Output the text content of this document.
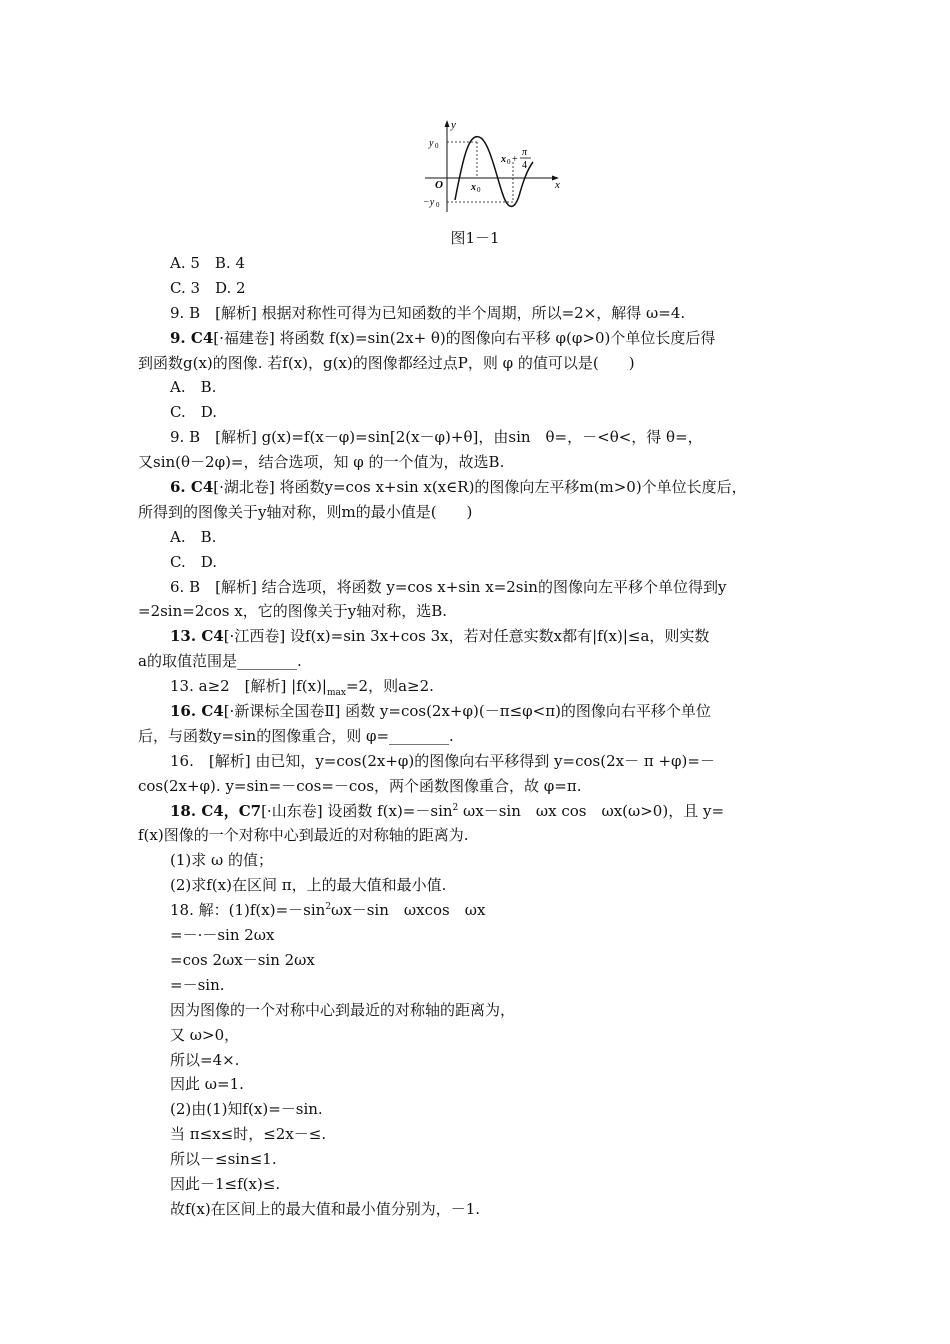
y
x
O
y 0
−y 0
x 0
x 0 +
π
4
图1－1
A. 5　B. 4
C. 3　D. 2
9. B　[解析] 根据对称性可得为已知函数的半个周期，所以=2×，解得 ω=4.
9. C4[·福建卷] 将函数 f(x)=sin(2x+ θ)的图像向右平移 φ(φ>0)个单位长度后得
到函数g(x)的图像. 若f(x)，g(x)的图像都经过点P，则 φ 的值可以是(　　)
A.　B.
C.　D.
9. B　[解析] g(x)=f(x－φ)=sin[2(x－φ)+θ]，由sin　θ=，－<θ<，得 θ=，
又sin(θ－2φ)=，结合选项，知 φ 的一个值为，故选B.
6. C4[·湖北卷] 将函数y=cos x+sin x(x∈R)的图像向左平移m(m>0)个单位长度后，
所得到的图像关于y轴对称，则m的最小值是(　　)
A.　B.
C.　D.
6. B　[解析] 结合选项，将函数 y=cos x+sin x=2sin的图像向左平移个单位得到y
=2sin=2cos x，它的图像关于y轴对称，选B.
13. C4[·江西卷] 设f(x)=sin 3x+cos 3x，若对任意实数x都有|f(x)|≤a，则实数
a的取值范围是________.
13. a≥2　[解析] $|f(x)|_{max}=2$，则a≥2.
16. C4[·新课标全国卷Ⅱ] 函数 y=cos(2x+φ)(－π≤φ<π)的图像向右平移个单位
后，与函数y=sin的图像重合，则 φ=________.
16.　[解析] 由已知，y=cos(2x+φ)的图像向右平移得到 y=cos(2x－ π +φ)=－
cos(2x+φ). y=sin=－cos=－cos，两个函数图像重合，故 φ=π.
18. C4，C7[·山东卷] 设函数 $f(x)=-\sin^2$ ωx－sin　ωx cos　ωx(ω>0)，且 y=
f(x)图像的一个对称中心到最近的对称轴的距离为.
(1)求 ω 的值；
(2)求f(x)在区间 π，上的最大值和最小值.
18. 解：$(1)f(x)=-\sin^2\omega x-\sin$　ωxcos　ωx
=－·－sin 2ωx
=cos 2ωx－sin 2ωx
=－sin.
因为图像的一个对称中心到最近的对称轴的距离为，
又 ω>0，
所以=4×.
因此 ω=1.
(2)由(1)知f(x)=－sin.
当 π≤x≤时，≤2x－≤.
所以－≤sin≤1.
因此－1≤f(x)≤.
故f(x)在区间上的最大值和最小值分别为，－1.
